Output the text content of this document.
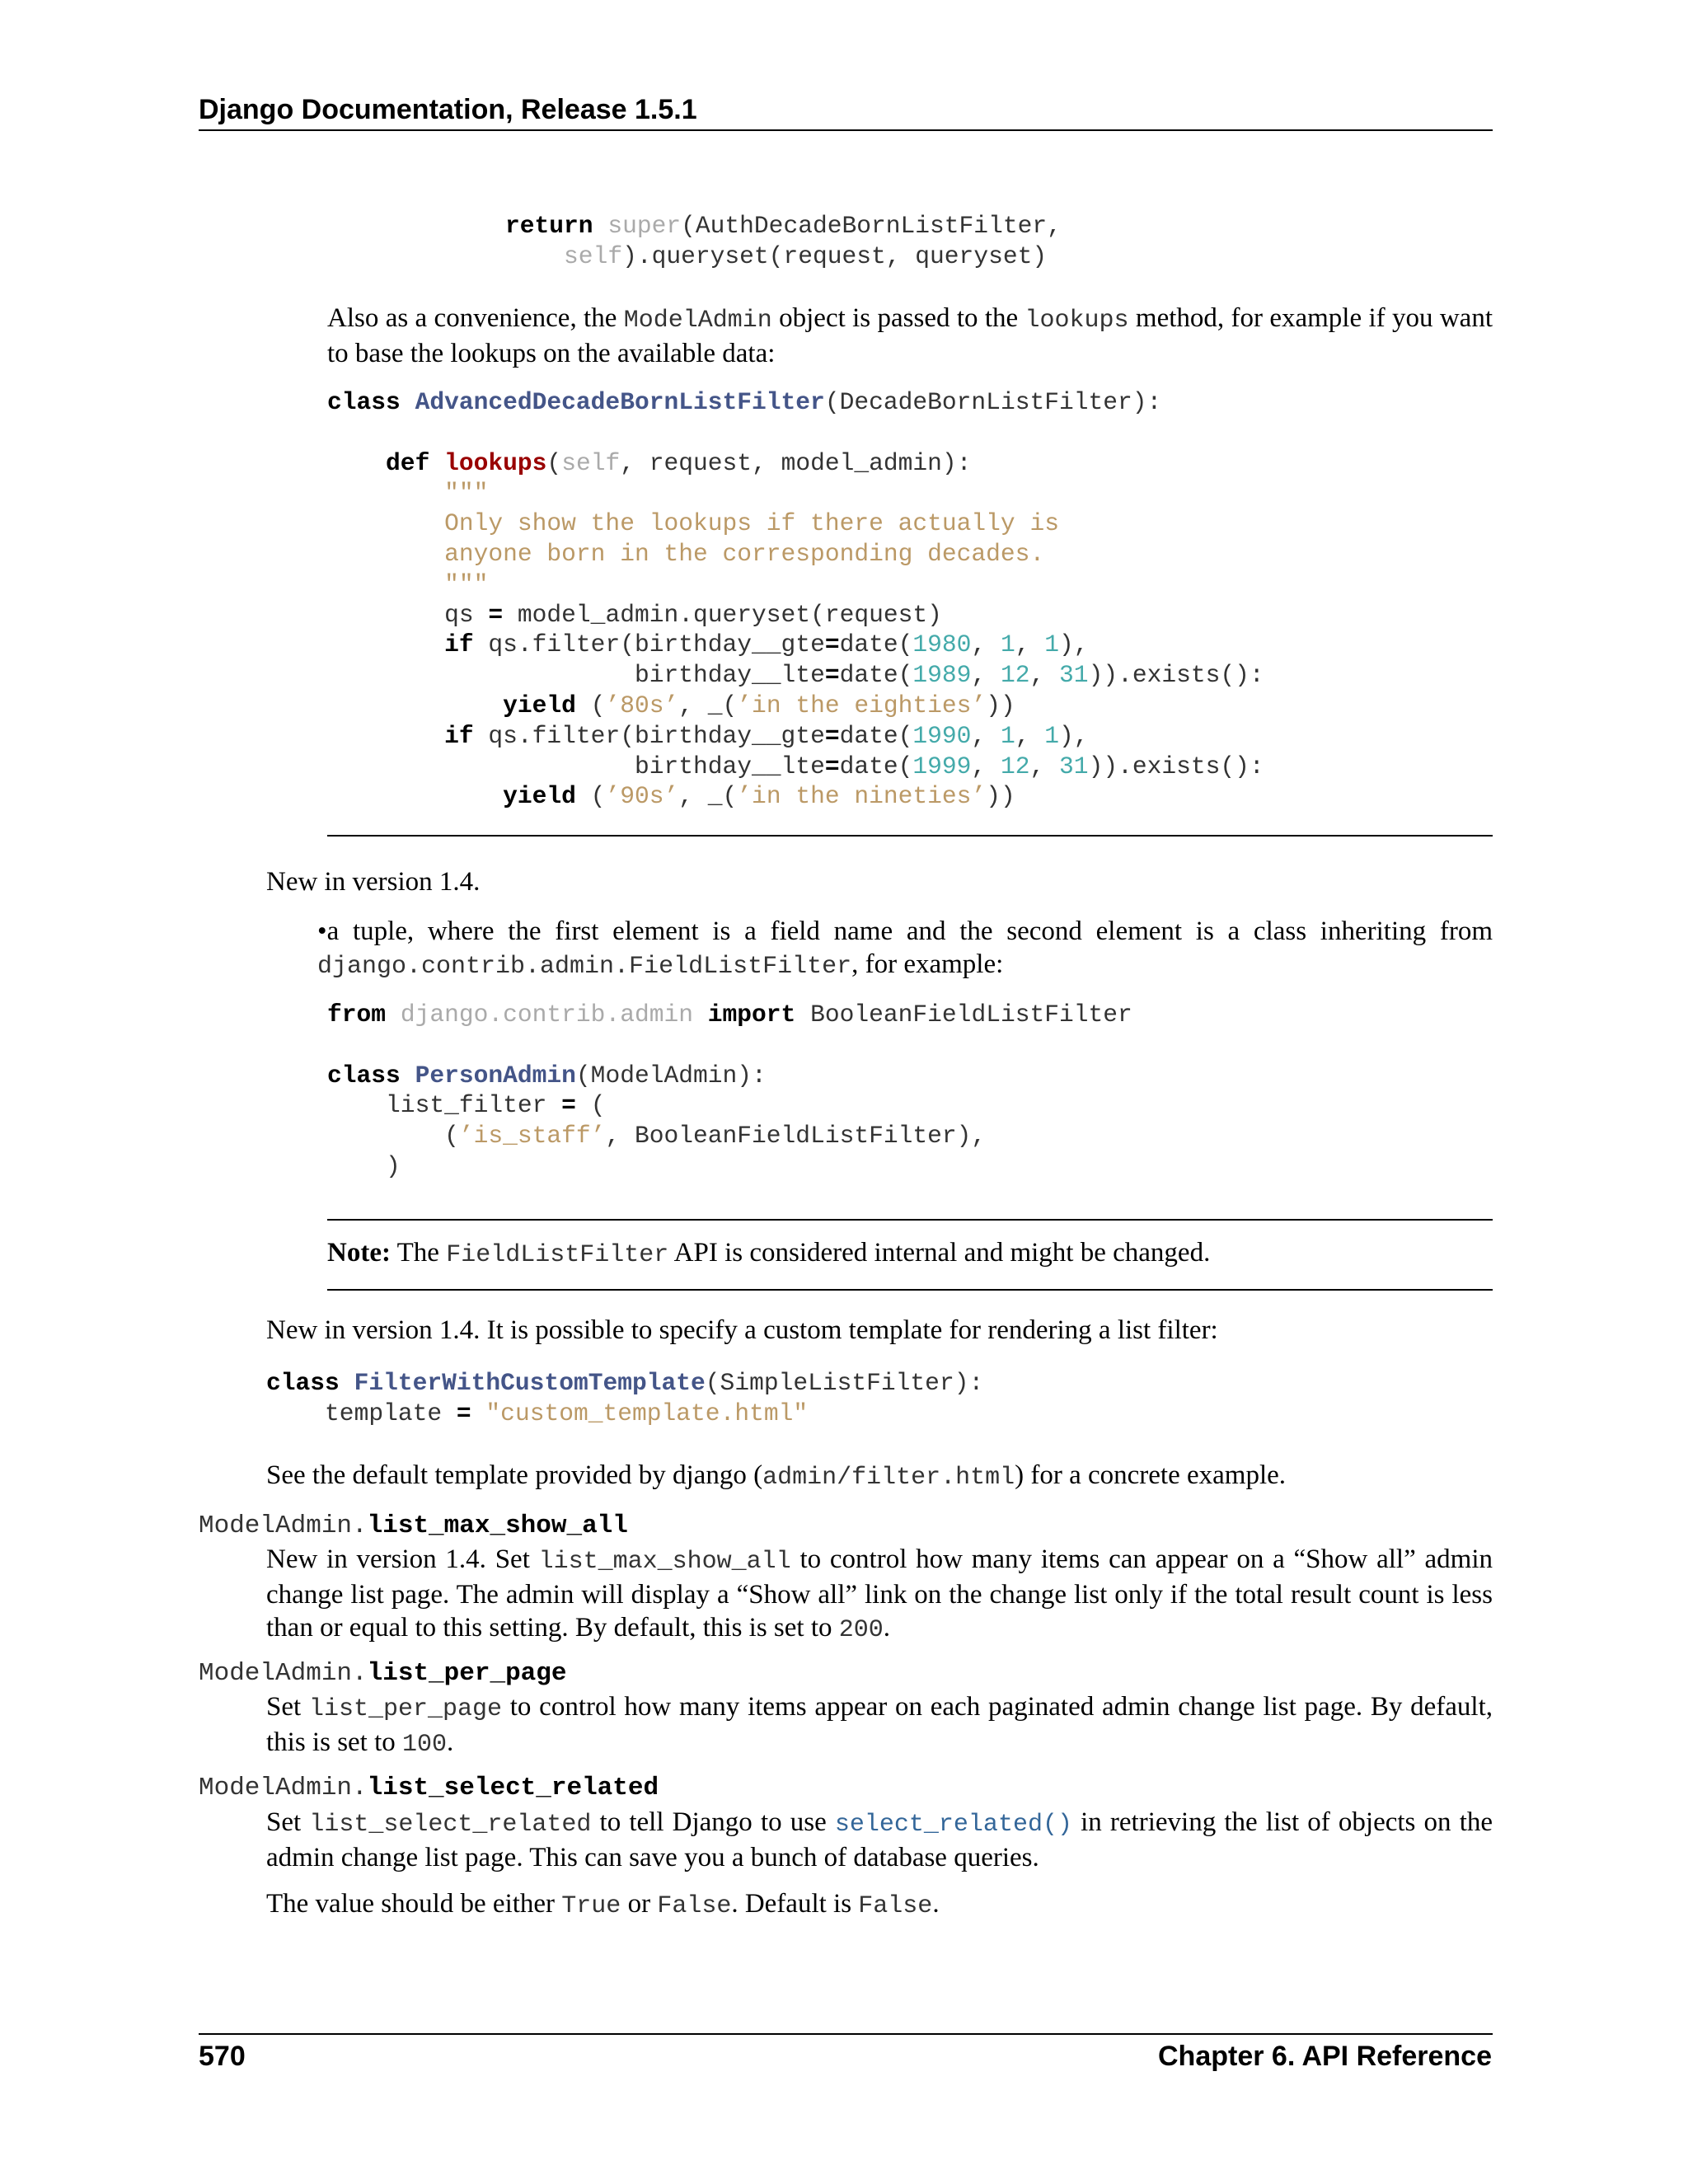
Django Documentation, Release 1.5.1
return super(AuthDecadeBornListFilter,
self).queryset(request, queryset)
Also as a convenience, the ModelAdmin object is passed to the lookups method, for example if you want to base the lookups on the available data:
class AdvancedDecadeBornListFilter(DecadeBornListFilter):

def lookups(self, request, model_admin):
"""
Only show the lookups if there actually is
anyone born in the corresponding decades.
"""
qs = model_admin.queryset(request)
if qs.filter(birthday__gte=date(1980, 1, 1),
birthday__lte=date(1989, 12, 31)).exists():
yield (’80s’, _(’in the eighties’))
if qs.filter(birthday__gte=date(1990, 1, 1),
birthday__lte=date(1999, 12, 31)).exists():
yield (’90s’, _(’in the nineties’))
New in version 1.4.
•a tuple, where the first element is a field name and the second element is a class inheriting from django.contrib.admin.FieldListFilter, for example:
from django.contrib.admin import BooleanFieldListFilter

class PersonAdmin(ModelAdmin):
list_filter = (
(’is_staff’, BooleanFieldListFilter),
)
Note: The FieldListFilter API is considered internal and might be changed.
New in version 1.4. It is possible to specify a custom template for rendering a list filter:
class FilterWithCustomTemplate(SimpleListFilter):
template = "custom_template.html"
See the default template provided by django (admin/filter.html) for a concrete example.
ModelAdmin.list_max_show_all
New in version 1.4. Set list_max_show_all to control how many items can appear on a “Show all” admin change list page. The admin will display a “Show all” link on the change list only if the total result count is less than or equal to this setting. By default, this is set to 200.
ModelAdmin.list_per_page
Set list_per_page to control how many items appear on each paginated admin change list page. By default, this is set to 100.
ModelAdmin.list_select_related
Set list_select_related to tell Django to use select_related() in retrieving the list of objects on the admin change list page. This can save you a bunch of database queries.
The value should be either True or False. Default is False.
570	Chapter 6. API Reference
